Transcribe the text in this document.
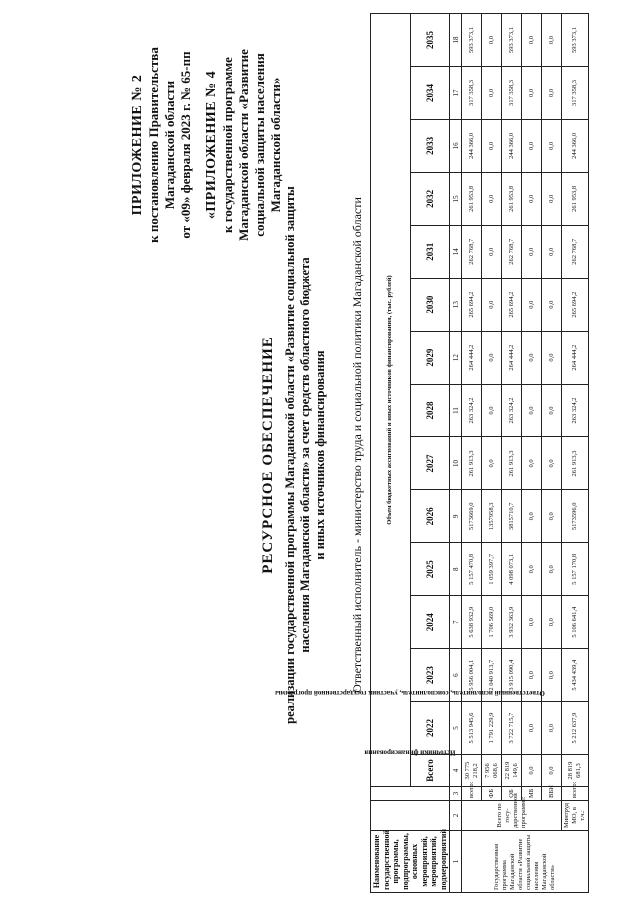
ПРИЛОЖЕНИЕ № 2 к постановлению Правительства Магаданской области от «09» февраля 2023 г. № 65-пп «ПРИЛОЖЕНИЕ № 4 к государственной программе Магаданской области «Развитие социальной защиты населения Магаданской области»
РЕСУРСНОЕ ОБЕСПЕЧЕНИЕ реализации государственной программы Магаданской области «Развитие социальной защиты населения Магаданской области» за счет средств областного бюджета и иных источников финансирования Ответственный исполнитель - министерство труда и социальной политики Магаданской области
Наименование государственной программы, подпрограммы, основных мероприятий, мероприятий, подмероприятий	Ответственный исполнитель, соисполнитель, участник государственной программы	Источники финансирования	Объем бюджетных ассигнований и иных источников финансирования, (тыс. рублей)														
			Всего	2022	2023	2024	2025	2026	2027	2028	2029	2030	2031	2032	2033	2034	2035
1	2	3	4	5	6	7	8	9	10	11	12	13	14	15	16	17	18
Государственная программа Магаданской области «Развитие социальной защиты населения Магаданской области»	Всего по госу-дарственной программе:	всего:	30 775 218,2	5 513 945,6	5 956 004,1	5 638 932,9	5 157 470,8	5173669,0	261 913,3	263 324,2	264 444,2	265 694,2	262 768,7	261 953,8	244 366,0	317 358,3	593 373,1
		ФБ	7 956 068,6	1 791 229,9	2 040 913,7	1 706 569,0	1 059 397,7	1357958,3	0,0	0,0	0,0	0,0	0,0	0,0	0,0	0,0	0,0
		ОБ	22 819 149,6	3 722 715,7	3 915 090,4	3 932 363,9	4 098 073,1	3815710,7	261 913,3	263 324,2	264 444,2	265 694,2	262 768,7	261 953,8	244 366,0	317 358,3	593 373,1
		МБ	0,0	0,0	0,0	0,0	0,0	0,0	0,0	0,0	0,0	0,0	0,0	0,0	0,0	0,0	0,0
		ВБИ	0,0	0,0	0,0	0,0	0,0	0,0	0,0	0,0	0,0	0,0	0,0	0,0	0,0	0,0	0,0
	Минтруд МО, в т.ч.:	всего:	28 819 681,3	5 212 637,9	5 434 439,4	5 106 641,4	5 157 170,8	5173596,0	261 913,3	263 324,2	264 444,2	265 694,2	262 768,7	261 953,8	244 366,0	317 358,3	593 373,1
